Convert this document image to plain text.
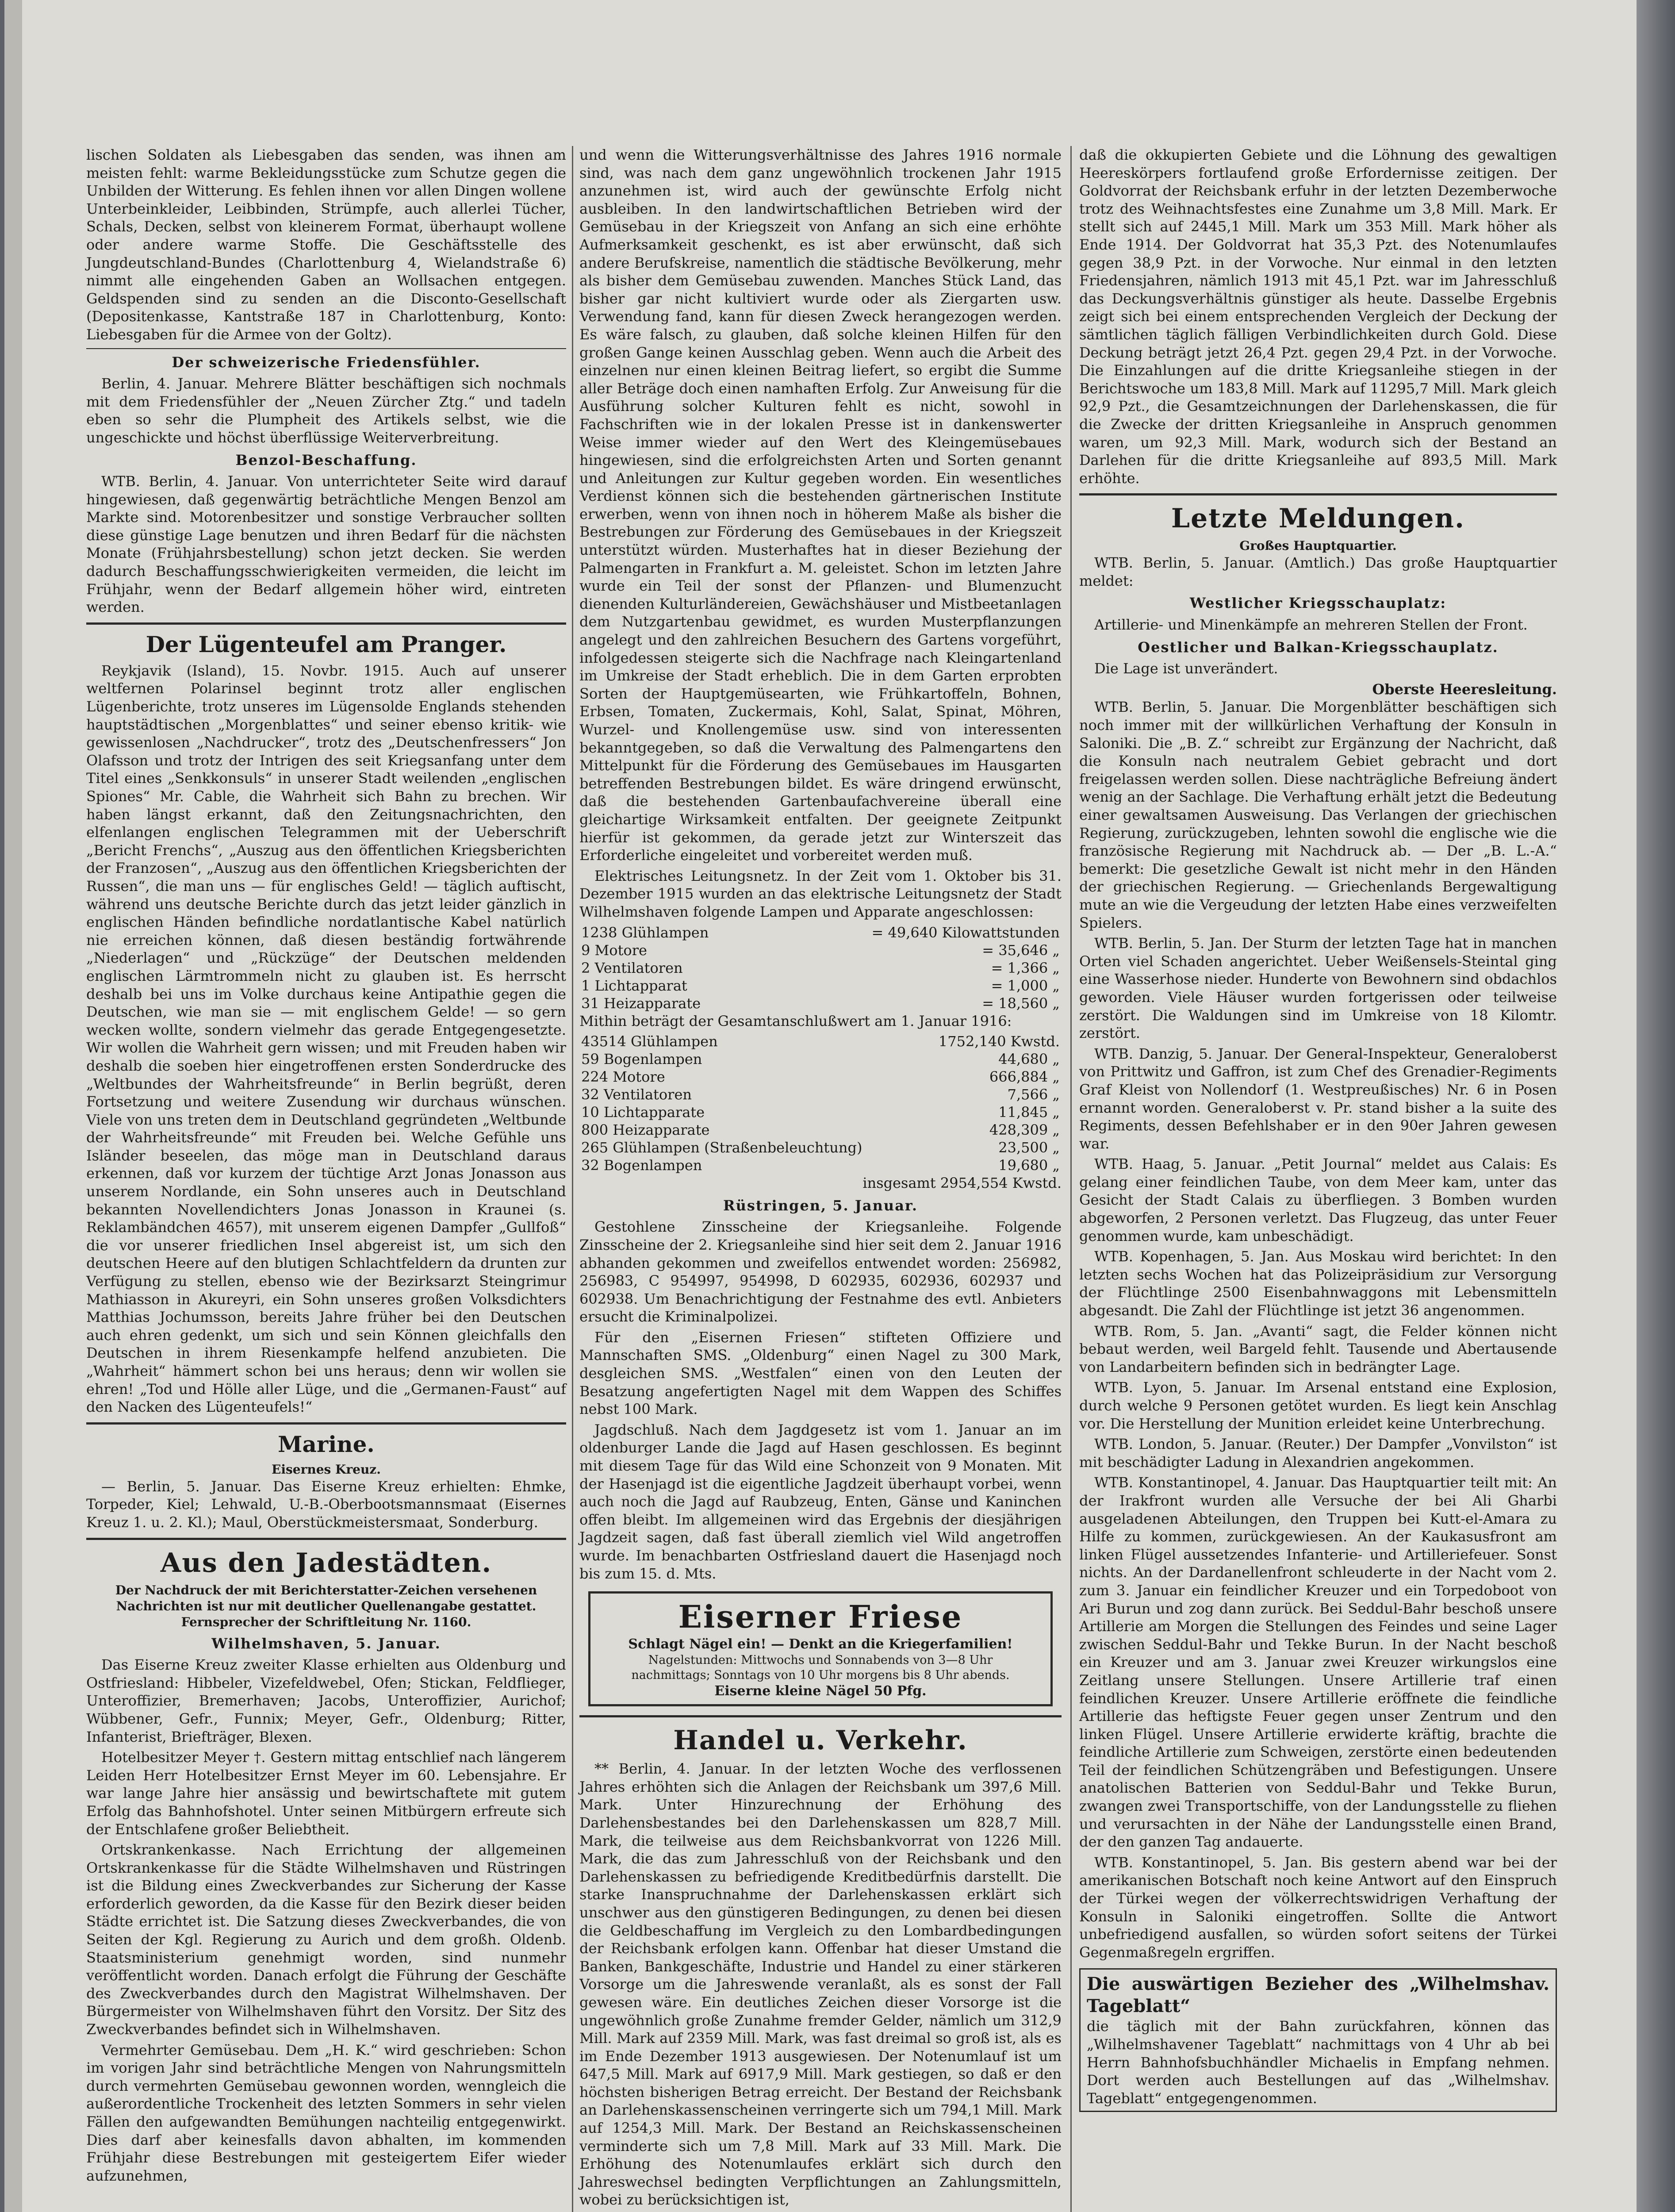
lischen Soldaten als Liebesgaben das senden, was ihnen am meisten fehlt: warme Bekleidungsstücke zum Schutze gegen die Unbilden der Witterung. Es fehlen ihnen vor allen Dingen wollene Unterbeinkleider, Leibbinden, Strümpfe, auch allerlei Tücher, Schals, Decken, selbst von kleinerem Format, überhaupt wollene oder andere warme Stoffe. Die Geschäftsstelle des Jungdeutschland-Bundes (Charlottenburg 4, Wielandstraße 6) nimmt alle eingehenden Gaben an Wollsachen entgegen. Geldspenden sind zu senden an die Disconto-Gesellschaft (Depositenkasse, Kantstraße 187 in Charlottenburg, Konto: Liebesgaben für die Armee von der Goltz).

Der schweizerische Friedensfühler.

Berlin, 4. Januar. Mehrere Blätter beschäftigen sich nochmals mit dem Friedensfühler der „Neuen Zürcher Ztg.“ und tadeln eben so sehr die Plumpheit des Artikels selbst, wie die ungeschickte und höchst überflüssige Weiterverbreitung.

Benzol-Beschaffung.

WTB. Berlin, 4. Januar. Von unterrichteter Seite wird darauf hingewiesen, daß gegenwärtig beträchtliche Mengen Benzol am Markte sind. Motorenbesitzer und sonstige Verbraucher sollten diese günstige Lage benutzen und ihren Bedarf für die nächsten Monate (Frühjahrsbestellung) schon jetzt decken. Sie werden dadurch Beschaffungsschwierigkeiten vermeiden, die leicht im Frühjahr, wenn der Bedarf allgemein höher wird, eintreten werden.

Der Lügenteufel am Pranger.

Reykjavik (Island), 15. Novbr. 1915. Auch auf unserer weltfernen Polarinsel beginnt trotz aller englischen Lügenberichte, trotz unseres im Lügensolde Englands stehenden hauptstädtischen „Morgenblattes“ und seiner ebenso kritik- wie gewissenlosen „Nachdrucker“, trotz des „Deutschenfressers“ Jon Olafsson und trotz der Intrigen des seit Kriegsanfang unter dem Titel eines „Senkkonsuls“ in unserer Stadt weilenden „englischen Spiones“ Mr. Cable, die Wahrheit sich Bahn zu brechen. Wir haben längst erkannt, daß den Zeitungsnachrichten, den elfenlangen englischen Telegrammen mit der Ueberschrift „Bericht Frenchs“, „Auszug aus den öffentlichen Kriegsberichten der Franzosen“, „Auszug aus den öffentlichen Kriegsberichten der Russen“, die man uns — für englisches Geld! — täglich auftischt, während uns deutsche Berichte durch das jetzt leider gänzlich in englischen Händen befindliche nordatlantische Kabel natürlich nie erreichen können, daß diesen beständig fortwährende „Niederlagen“ und „Rückzüge“ der Deutschen meldenden englischen Lärmtrommeln nicht zu glauben ist. Es herrscht deshalb bei uns im Volke durchaus keine Antipathie gegen die Deutschen, wie man sie — mit englischem Gelde! — so gern wecken wollte, sondern vielmehr das gerade Entgegengesetzte. Wir wollen die Wahrheit gern wissen; und mit Freuden haben wir deshalb die soeben hier eingetroffenen ersten Sonderdrucke des „Weltbundes der Wahrheitsfreunde“ in Berlin begrüßt, deren Fortsetzung und weitere Zusendung wir durchaus wünschen. Viele von uns treten dem in Deutschland gegründeten „Weltbunde der Wahrheitsfreunde“ mit Freuden bei. Welche Gefühle uns Isländer beseelen, das möge man in Deutschland daraus erkennen, daß vor kurzem der tüchtige Arzt Jonas Jonasson aus unserem Nordlande, ein Sohn unseres auch in Deutschland bekannten Novellendichters Jonas Jonasson in Kraunei (s. Reklambändchen 4657), mit unserem eigenen Dampfer „Gullfoß“ die vor unserer friedlichen Insel abgereist ist, um sich den deutschen Heere auf den blutigen Schlachtfeldern da drunten zur Verfügung zu stellen, ebenso wie der Bezirksarzt Steingrimur Mathiasson in Akureyri, ein Sohn unseres großen Volksdichters Matthias Jochumsson, bereits Jahre früher bei den Deutschen auch ehren gedenkt, um sich und sein Können gleichfalls den Deutschen in ihrem Riesenkampfe helfend anzubieten. Die „Wahrheit“ hämmert schon bei uns heraus; denn wir wollen sie ehren! „Tod und Hölle aller Lüge, und die „Germanen-Faust“ auf den Nacken des Lügenteufels!“

Marine.
Eisernes Kreuz.

— Berlin, 5. Januar. Das Eiserne Kreuz erhielten: Ehmke, Torpeder, Kiel; Lehwald, U.-B.-Oberbootsmannsmaat (Eisernes Kreuz 1. u. 2. Kl.); Maul, Oberstückmeistersmaat, Sonderburg.

Aus den Jadestädten.
Der Nachdruck der mit Berichterstatter-Zeichen versehenen Nachrichten ist nur mit deutlicher Quellenangabe gestattet.
Fernsprecher der Schriftleitung Nr. 1160.
Wilhelmshaven, 5. Januar.

Das Eiserne Kreuz zweiter Klasse erhielten aus Oldenburg und Ostfriesland: Hibbeler, Vizefeldwebel, Ofen; Stickan, Feldflieger, Unteroffizier, Bremerhaven; Jacobs, Unteroffizier, Aurichof; Wübbener, Gefr., Funnix; Meyer, Gefr., Oldenburg; Ritter, Infanterist, Briefträger, Blexen.

Hotelbesitzer Meyer †. Gestern mittag entschlief nach längerem Leiden Herr Hotelbesitzer Ernst Meyer im 60. Lebensjahre. Er war lange Jahre hier ansässig und bewirtschaftete mit gutem Erfolg das Bahnhofshotel. Unter seinen Mitbürgern erfreute sich der Entschlafene großer Beliebtheit.

Ortskrankenkasse. Nach Errichtung der allgemeinen Ortskrankenkasse für die Städte Wilhelmshaven und Rüstringen ist die Bildung eines Zweckverbandes zur Sicherung der Kasse erforderlich geworden, da die Kasse für den Bezirk dieser beiden Städte errichtet ist. Die Satzung dieses Zweckverbandes, die von Seiten der Kgl. Regierung zu Aurich und dem großh. Oldenb. Staatsministerium genehmigt worden, sind nunmehr veröffentlicht worden. Danach erfolgt die Führung der Geschäfte des Zweckverbandes durch den Magistrat Wilhelmshaven. Der Bürgermeister von Wilhelmshaven führt den Vorsitz. Der Sitz des Zweckverbandes befindet sich in Wilhelmshaven.

Vermehrter Gemüsebau. Dem „H. K.“ wird geschrieben: Schon im vorigen Jahr sind beträchtliche Mengen von Nahrungsmitteln durch vermehrten Gemüsebau gewonnen worden, wenngleich die außerordentliche Trockenheit des letzten Sommers in sehr vielen Fällen den aufgewandten Bemühungen nachteilig entgegenwirkt. Dies darf aber keinesfalls davon abhalten, im kommenden Frühjahr diese Bestrebungen mit gesteigertem Eifer wieder aufzunehmen,

und wenn die Witterungsverhältnisse des Jahres 1916 normale sind, was nach dem ganz ungewöhnlich trockenen Jahr 1915 anzunehmen ist, wird auch der gewünschte Erfolg nicht ausbleiben. In den landwirtschaftlichen Betrieben wird der Gemüsebau in der Kriegszeit von Anfang an sich eine erhöhte Aufmerksamkeit geschenkt, es ist aber erwünscht, daß sich andere Berufskreise, namentlich die städtische Bevölkerung, mehr als bisher dem Gemüsebau zuwenden. Manches Stück Land, das bisher gar nicht kultiviert wurde oder als Ziergarten usw. Verwendung fand, kann für diesen Zweck herangezogen werden. Es wäre falsch, zu glauben, daß solche kleinen Hilfen für den großen Gange keinen Ausschlag geben. Wenn auch die Arbeit des einzelnen nur einen kleinen Beitrag liefert, so ergibt die Summe aller Beträge doch einen namhaften Erfolg. Zur Anweisung für die Ausführung solcher Kulturen fehlt es nicht, sowohl in Fachschriften wie in der lokalen Presse ist in dankenswerter Weise immer wieder auf den Wert des Kleingemüsebaues hingewiesen, sind die erfolgreichsten Arten und Sorten genannt und Anleitungen zur Kultur gegeben worden. Ein wesentliches Verdienst können sich die bestehenden gärtnerischen Institute erwerben, wenn von ihnen noch in höherem Maße als bisher die Bestrebungen zur Förderung des Gemüsebaues in der Kriegszeit unterstützt würden. Musterhaftes hat in dieser Beziehung der Palmengarten in Frankfurt a. M. geleistet. Schon im letzten Jahre wurde ein Teil der sonst der Pflanzen- und Blumenzucht dienenden Kulturländereien, Gewächshäuser und Mistbeetanlagen dem Nutzgartenbau gewidmet, es wurden Musterpflanzungen angelegt und den zahlreichen Besuchern des Gartens vorgeführt, infolgedessen steigerte sich die Nachfrage nach Kleingartenland im Umkreise der Stadt erheblich. Die in dem Garten erprobten Sorten der Hauptgemüsearten, wie Frühkartoffeln, Bohnen, Erbsen, Tomaten, Zuckermais, Kohl, Salat, Spinat, Möhren, Wurzel- und Knollengemüse usw. sind von interessenten bekanntgegeben, so daß die Verwaltung des Palmengartens den Mittelpunkt für die Förderung des Gemüsebaues im Hausgarten betreffenden Bestrebungen bildet. Es wäre dringend erwünscht, daß die bestehenden Gartenbaufachvereine überall eine gleichartige Wirksamkeit entfalten. Der geeignete Zeitpunkt hierfür ist gekommen, da gerade jetzt zur Winterszeit das Erforderliche eingeleitet und vorbereitet werden muß.

Elektrisches Leitungsnetz. In der Zeit vom 1. Oktober bis 31. Dezember 1915 wurden an das elektrische Leitungsnetz der Stadt Wilhelmshaven folgende Lampen und Apparate angeschlossen:

1238 Glühlampen	= 49,640 Kilowattstunden
9 Motore	= 35,646 „
2 Ventilatoren	= 1,366 „
1 Lichtapparat	= 1,000 „
31 Heizapparate	= 18,560 „

Mithin beträgt der Gesamtanschlußwert am 1. Januar 1916:

43514 Glühlampen	1752,140 Kwstd.
59 Bogenlampen	44,680 „
224 Motore	666,884 „
32 Ventilatoren	7,566 „
10 Lichtapparate	11,845 „
800 Heizapparate	428,309 „
265 Glühlampen (Straßenbeleuchtung)	23,500 „
32 Bogenlampen	19,680 „
insgesamt 2954,554 Kwstd.
Rüstringen, 5. Januar.

Gestohlene Zinsscheine der Kriegsanleihe. Folgende Zinsscheine der 2. Kriegsanleihe sind hier seit dem 2. Januar 1916 abhanden gekommen und zweifellos entwendet worden: 256982, 256983, C 954997, 954998, D 602935, 602936, 602937 und 602938. Um Benachrichtigung der Festnahme des evtl. Anbieters ersucht die Kriminalpolizei.

Für den „Eisernen Friesen“ stifteten Offiziere und Mannschaften SMS. „Oldenburg“ einen Nagel zu 300 Mark, desgleichen SMS. „Westfalen“ einen von den Leuten der Besatzung angefertigten Nagel mit dem Wappen des Schiffes nebst 100 Mark.

Jagdschluß. Nach dem Jagdgesetz ist vom 1. Januar an im oldenburger Lande die Jagd auf Hasen geschlossen. Es beginnt mit diesem Tage für das Wild eine Schonzeit von 9 Monaten. Mit der Hasenjagd ist die eigentliche Jagdzeit überhaupt vorbei, wenn auch noch die Jagd auf Raubzeug, Enten, Gänse und Kaninchen offen bleibt. Im allgemeinen wird das Ergebnis der diesjährigen Jagdzeit sagen, daß fast überall ziemlich viel Wild angetroffen wurde. Im benachbarten Ostfriesland dauert die Hasenjagd noch bis zum 15. d. Mts.

Eiserner Friese
Schlagt Nägel ein! — Denkt an die Kriegerfamilien!
Nagelstunden: Mittwochs und Sonnabends von 3—8 Uhr
nachmittags; Sonntags von 10 Uhr morgens bis 8 Uhr abends.
Eiserne kleine Nägel 50 Pfg.
Handel u. Verkehr.

** Berlin, 4. Januar. In der letzten Woche des verflossenen Jahres erhöhten sich die Anlagen der Reichsbank um 397,6 Mill. Mark. Unter Hinzurechnung der Erhöhung des Darlehensbestandes bei den Darlehenskassen um 828,7 Mill. Mark, die teilweise aus dem Reichsbankvorrat von 1226 Mill. Mark, die das zum Jahresschluß von der Reichsbank und den Darlehenskassen zu befriedigende Kreditbedürfnis darstellt. Die starke Inanspruchnahme der Darlehenskassen erklärt sich unschwer aus den günstigeren Bedingungen, zu denen bei diesen die Geldbeschaffung im Vergleich zu den Lombardbedingungen der Reichsbank erfolgen kann. Offenbar hat dieser Umstand die Banken, Bankgeschäfte, Industrie und Handel zu einer stärkeren Vorsorge um die Jahreswende veranlaßt, als es sonst der Fall gewesen wäre. Ein deutliches Zeichen dieser Vorsorge ist die ungewöhnlich große Zunahme fremder Gelder, nämlich um 312,9 Mill. Mark auf 2359 Mill. Mark, was fast dreimal so groß ist, als es im Ende Dezember 1913 ausgewiesen. Der Notenumlauf ist um 647,5 Mill. Mark auf 6917,9 Mill. Mark gestiegen, so daß er den höchsten bisherigen Betrag erreicht. Der Bestand der Reichsbank an Darlehenskassenscheinen verringerte sich um 794,1 Mill. Mark auf 1254,3 Mill. Mark. Der Bestand an Reichskassenscheinen verminderte sich um 7,8 Mill. Mark auf 33 Mill. Mark. Die Erhöhung des Notenumlaufes erklärt sich durch den Jahreswechsel bedingten Verpflichtungen an Zahlungsmitteln, wobei zu berücksichtigen ist,

daß die okkupierten Gebiete und die Löhnung des gewaltigen Heereskörpers fortlaufend große Erfordernisse zeitigen. Der Goldvorrat der Reichsbank erfuhr in der letzten Dezemberwoche trotz des Weihnachtsfestes eine Zunahme um 3,8 Mill. Mark. Er stellt sich auf 2445,1 Mill. Mark um 353 Mill. Mark höher als Ende 1914. Der Goldvorrat hat 35,3 Pzt. des Notenumlaufes gegen 38,9 Pzt. in der Vorwoche. Nur einmal in den letzten Friedensjahren, nämlich 1913 mit 45,1 Pzt. war im Jahresschluß das Deckungsverhältnis günstiger als heute. Dasselbe Ergebnis zeigt sich bei einem entsprechenden Vergleich der Deckung der sämtlichen täglich fälligen Verbindlichkeiten durch Gold. Diese Deckung beträgt jetzt 26,4 Pzt. gegen 29,4 Pzt. in der Vorwoche. Die Einzahlungen auf die dritte Kriegsanleihe stiegen in der Berichtswoche um 183,8 Mill. Mark auf 11295,7 Mill. Mark gleich 92,9 Pzt., die Gesamtzeichnungen der Darlehenskassen, die für die Zwecke der dritten Kriegsanleihe in Anspruch genommen waren, um 92,3 Mill. Mark, wodurch sich der Bestand an Darlehen für die dritte Kriegsanleihe auf 893,5 Mill. Mark erhöhte.

Letzte Meldungen.
Großes Hauptquartier.

WTB. Berlin, 5. Januar. (Amtlich.) Das große Hauptquartier meldet:

Westlicher Kriegsschauplatz:

Artillerie- und Minenkämpfe an mehreren Stellen der Front.

Oestlicher und Balkan-Kriegsschauplatz.

Die Lage ist unverändert.

Oberste Heeresleitung.

WTB. Berlin, 5. Januar. Die Morgenblätter beschäftigen sich noch immer mit der willkürlichen Verhaftung der Konsuln in Saloniki. Die „B. Z.“ schreibt zur Ergänzung der Nachricht, daß die Konsuln nach neutralem Gebiet gebracht und dort freigelassen werden sollen. Diese nachträgliche Befreiung ändert wenig an der Sachlage. Die Verhaftung erhält jetzt die Bedeutung einer gewaltsamen Ausweisung. Das Verlangen der griechischen Regierung, zurückzugeben, lehnten sowohl die englische wie die französische Regierung mit Nachdruck ab. — Der „B. L.-A.“ bemerkt: Die gesetzliche Gewalt ist nicht mehr in den Händen der griechischen Regierung. — Griechenlands Bergewaltigung mute an wie die Vergeudung der letzten Habe eines verzweifelten Spielers.

WTB. Berlin, 5. Jan. Der Sturm der letzten Tage hat in manchen Orten viel Schaden angerichtet. Ueber Weißensels-Steintal ging eine Wasserhose nieder. Hunderte von Bewohnern sind obdachlos geworden. Viele Häuser wurden fortgerissen oder teilweise zerstört. Die Waldungen sind im Umkreise von 18 Kilomtr. zerstört.

WTB. Danzig, 5. Januar. Der General-Inspekteur, Generaloberst von Prittwitz und Gaffron, ist zum Chef des Grenadier-Regiments Graf Kleist von Nollendorf (1. Westpreußisches) Nr. 6 in Posen ernannt worden. Generaloberst v. Pr. stand bisher a la suite des Regiments, dessen Befehlshaber er in den 90er Jahren gewesen war.

WTB. Haag, 5. Januar. „Petit Journal“ meldet aus Calais: Es gelang einer feindlichen Taube, von dem Meer kam, unter das Gesicht der Stadt Calais zu überfliegen. 3 Bomben wurden abgeworfen, 2 Personen verletzt. Das Flugzeug, das unter Feuer genommen wurde, kam unbeschädigt.

WTB. Kopenhagen, 5. Jan. Aus Moskau wird berichtet: In den letzten sechs Wochen hat das Polizeipräsidium zur Versorgung der Flüchtlinge 2500 Eisenbahnwaggons mit Lebensmitteln abgesandt. Die Zahl der Flüchtlinge ist jetzt 36 angenommen.

WTB. Rom, 5. Jan. „Avanti“ sagt, die Felder können nicht bebaut werden, weil Bargeld fehlt. Tausende und Abertausende von Landarbeitern befinden sich in bedrängter Lage.

WTB. Lyon, 5. Januar. Im Arsenal entstand eine Explosion, durch welche 9 Personen getötet wurden. Es liegt kein Anschlag vor. Die Herstellung der Munition erleidet keine Unterbrechung.

WTB. London, 5. Januar. (Reuter.) Der Dampfer „Vonvilston“ ist mit beschädigter Ladung in Alexandrien angekommen.

WTB. Konstantinopel, 4. Januar. Das Hauptquartier teilt mit: An der Irakfront wurden alle Versuche der bei Ali Gharbi ausgeladenen Abteilungen, den Truppen bei Kutt-el-Amara zu Hilfe zu kommen, zurückgewiesen. An der Kaukasusfront am linken Flügel aussetzendes Infanterie- und Artilleriefeuer. Sonst nichts. An der Dardanellenfront schleuderte in der Nacht vom 2. zum 3. Januar ein feindlicher Kreuzer und ein Torpedoboot von Ari Burun und zog dann zurück. Bei Seddul-Bahr beschoß unsere Artillerie am Morgen die Stellungen des Feindes und seine Lager zwischen Seddul-Bahr und Tekke Burun. In der Nacht beschoß ein Kreuzer und am 3. Januar zwei Kreuzer wirkungslos eine Zeitlang unsere Stellungen. Unsere Artillerie traf einen feindlichen Kreuzer. Unsere Artillerie eröffnete die feindliche Artillerie das heftigste Feuer gegen unser Zentrum und den linken Flügel. Unsere Artillerie erwiderte kräftig, brachte die feindliche Artillerie zum Schweigen, zerstörte einen bedeutenden Teil der feindlichen Schützengräben und Befestigungen. Unsere anatolischen Batterien von Seddul-Bahr und Tekke Burun, zwangen zwei Transportschiffe, von der Landungsstelle zu fliehen und verursachten in der Nähe der Landungsstelle einen Brand, der den ganzen Tag andauerte.

WTB. Konstantinopel, 5. Jan. Bis gestern abend war bei der amerikanischen Botschaft noch keine Antwort auf den Einspruch der Türkei wegen der völkerrechtswidrigen Verhaftung der Konsuln in Saloniki eingetroffen. Sollte die Antwort unbefriedigend ausfallen, so würden sofort seitens der Türkei Gegenmaßregeln ergriffen.

Die auswärtigen Bezieher des „Wilhelmshav. Tageblatt“
die täglich mit der Bahn zurückfahren, können das „Wilhelmshavener Tageblatt“ nachmittags von 4 Uhr ab bei Herrn Bahnhofsbuchhändler Michaelis in Empfang nehmen. Dort werden auch Bestellungen auf das „Wilhelmshav. Tageblatt“ entgegengenommen.
